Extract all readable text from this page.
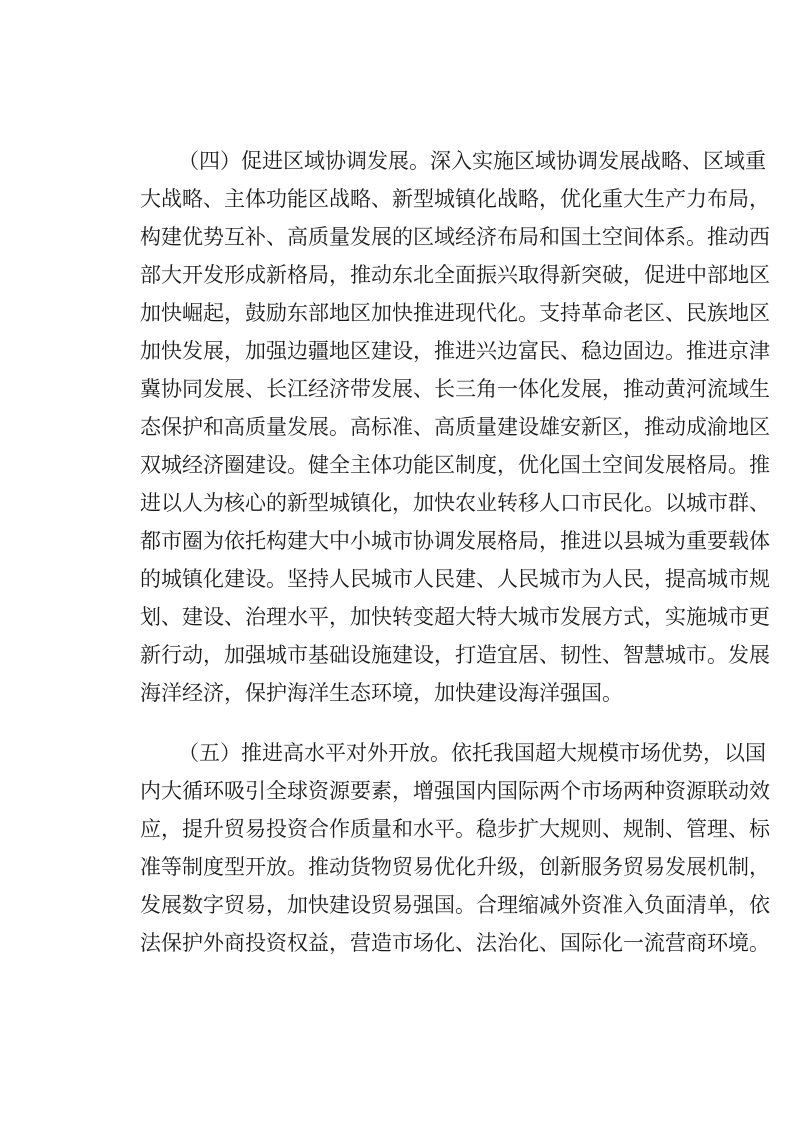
（四）促进区域协调发展。深入实施区域协调发展战略、区域重
大战略、主体功能区战略、新型城镇化战略，优化重大生产力布局，
构建优势互补、高质量发展的区域经济布局和国土空间体系。推动西
部大开发形成新格局，推动东北全面振兴取得新突破，促进中部地区
加快崛起，鼓励东部地区加快推进现代化。支持革命老区、民族地区
加快发展，加强边疆地区建设，推进兴边富民、稳边固边。推进京津
冀协同发展、长江经济带发展、长三角一体化发展，推动黄河流域生
态保护和高质量发展。高标准、高质量建设雄安新区，推动成渝地区
双城经济圈建设。健全主体功能区制度，优化国土空间发展格局。推
进以人为核心的新型城镇化，加快农业转移人口市民化。以城市群、
都市圈为依托构建大中小城市协调发展格局，推进以县城为重要载体
的城镇化建设。坚持人民城市人民建、人民城市为人民，提高城市规
划、建设、治理水平，加快转变超大特大城市发展方式，实施城市更
新行动，加强城市基础设施建设，打造宜居、韧性、智慧城市。发展
海洋经济，保护海洋生态环境，加快建设海洋强国。
（五）推进高水平对外开放。依托我国超大规模市场优势，以国
内大循环吸引全球资源要素，增强国内国际两个市场两种资源联动效
应，提升贸易投资合作质量和水平。稳步扩大规则、规制、管理、标
准等制度型开放。推动货物贸易优化升级，创新服务贸易发展机制，
发展数字贸易，加快建设贸易强国。合理缩减外资准入负面清单，依
法保护外商投资权益，营造市场化、法治化、国际化一流营商环境。
